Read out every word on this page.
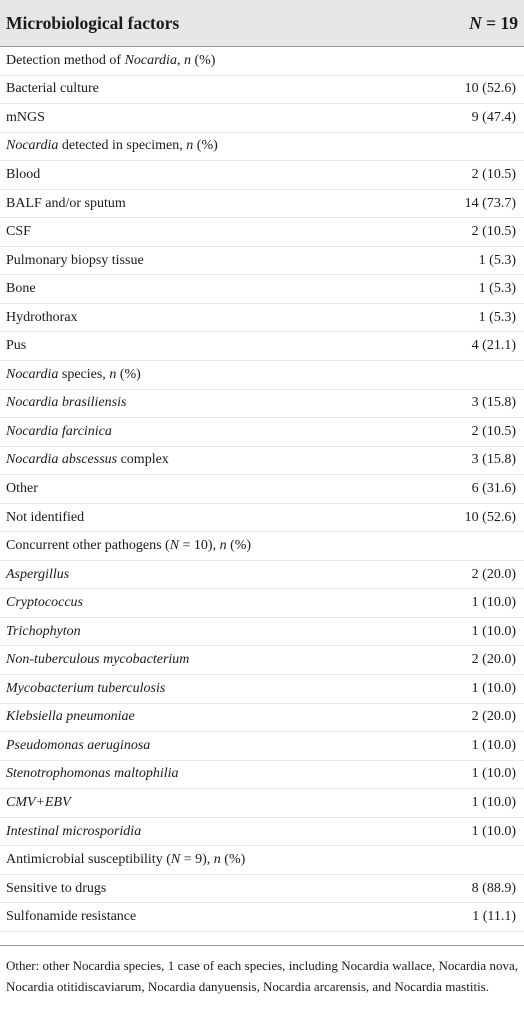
Microbiological factors	N = 19
Detection method of Nocardia, n (%)
Bacterial culture	10 (52.6)
mNGS	9 (47.4)
Nocardia detected in specimen, n (%)
Blood	2 (10.5)
BALF and/or sputum	14 (73.7)
CSF	2 (10.5)
Pulmonary biopsy tissue	1 (5.3)
Bone	1 (5.3)
Hydrothorax	1 (5.3)
Pus	4 (21.1)
Nocardia species, n (%)
Nocardia brasiliensis	3 (15.8)
Nocardia farcinica	2 (10.5)
Nocardia abscessus complex	3 (15.8)
Other	6 (31.6)
Not identified	10 (52.6)
Concurrent other pathogens (N = 10), n (%)
Aspergillus	2 (20.0)
Cryptococcus	1 (10.0)
Trichophyton	1 (10.0)
Non-tuberculous mycobacterium	2 (20.0)
Mycobacterium tuberculosis	1 (10.0)
Klebsiella pneumoniae	2 (20.0)
Pseudomonas aeruginosa	1 (10.0)
Stenotrophomonas maltophilia	1 (10.0)
CMV+EBV	1 (10.0)
Intestinal microsporidia	1 (10.0)
Antimicrobial susceptibility (N = 9), n (%)
Sensitive to drugs	8 (88.9)
Sulfonamide resistance	1 (11.1)
Other: other Nocardia species, 1 case of each species, including Nocardia wallace, Nocardia nova, Nocardia otitidiscaviarum, Nocardia danyuensis, Nocardia arcarensis, and Nocardia mastitis.
